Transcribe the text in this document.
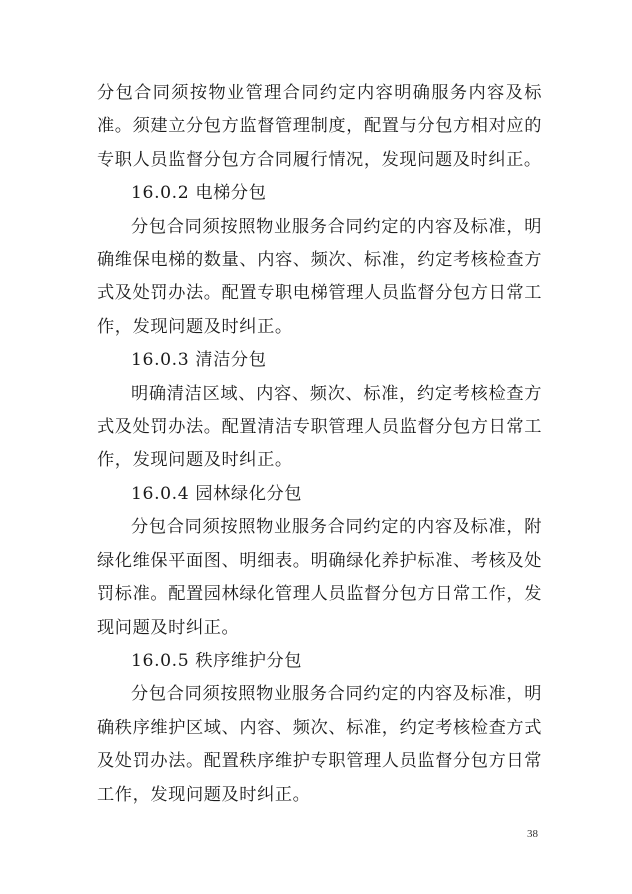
分包合同须按物业管理合同约定内容明确服务内容及标准。须建立分包方监督管理制度，配置与分包方相对应的专职人员监督分包方合同履行情况，发现问题及时纠正。

16.0.2 电梯分包

分包合同须按照物业服务合同约定的内容及标准，明确维保电梯的数量、内容、频次、标准，约定考核检查方式及处罚办法。配置专职电梯管理人员监督分包方日常工作，发现问题及时纠正。

16.0.3 清洁分包

明确清洁区域、内容、频次、标准，约定考核检查方式及处罚办法。配置清洁专职管理人员监督分包方日常工作，发现问题及时纠正。

16.0.4 园林绿化分包

分包合同须按照物业服务合同约定的内容及标准，附绿化维保平面图、明细表。明确绿化养护标准、考核及处罚标准。配置园林绿化管理人员监督分包方日常工作，发现问题及时纠正。

16.0.5 秩序维护分包

分包合同须按照物业服务合同约定的内容及标准，明确秩序维护区域、内容、频次、标准，约定考核检查方式及处罚办法。配置秩序维护专职管理人员监督分包方日常工作，发现问题及时纠正。

38
